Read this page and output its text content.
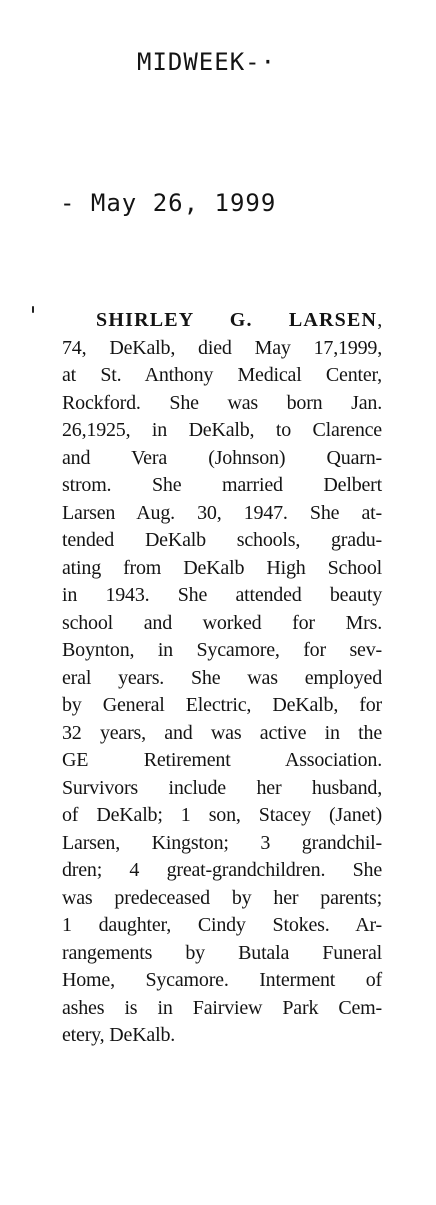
MIDWEEK-·
- May 26, 1999
SHIRLEY G. LARSEN,
74, DeKalb, died May 17,1999,
at St. Anthony Medical Center,
Rockford. She was born Jan.
26,1925, in DeKalb, to Clarence
and Vera (Johnson) Quarn-
strom. She married Delbert
Larsen Aug. 30, 1947. She at-
tended DeKalb schools, gradu-
ating from DeKalb High School
in 1943. She attended beauty
school and worked for Mrs.
Boynton, in Sycamore, for sev-
eral years. She was employed
by General Electric, DeKalb, for
32 years, and was active in the
GE Retirement Association.
Survivors include her husband,
of DeKalb; 1 son, Stacey (Janet)
Larsen, Kingston; 3 grandchil-
dren; 4 great-grandchildren. She
was predeceased by her parents;
1 daughter, Cindy Stokes. Ar-
rangements by Butala Funeral
Home, Sycamore. Interment of
ashes is in Fairview Park Cem-
etery, DeKalb.
